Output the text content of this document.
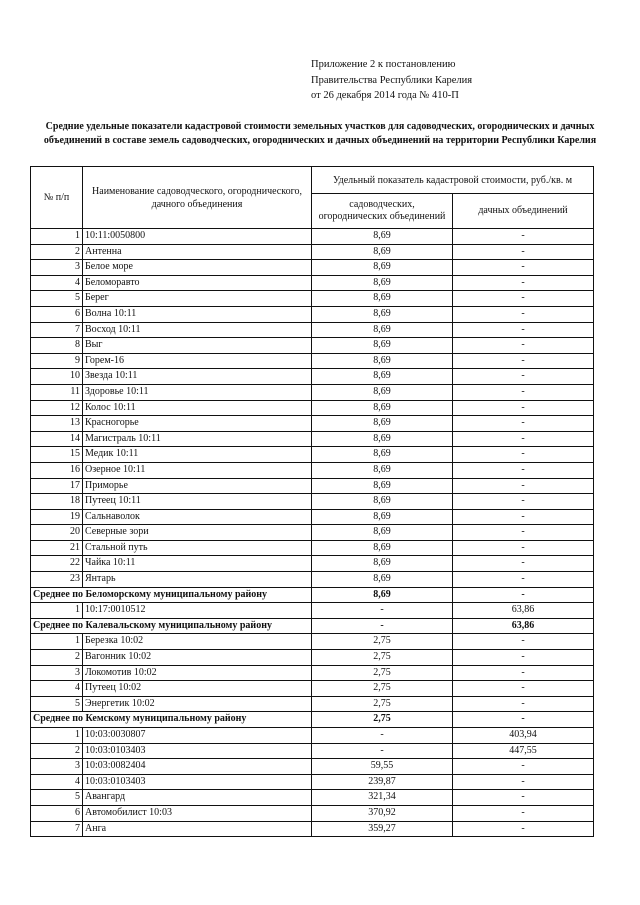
Приложение 2 к постановлению
Правительства Республики Карелия
от 26 декабря 2014 года № 410-П
Средние удельные показатели кадастровой стоимости земельных участков для садоводческих, огороднических и дачных объединений в составе земель садоводческих, огороднических и дачных объединений на территории Республики Карелия
№ п/п	Наименование садоводческого, огороднического, дачного объединения	Удельный показатель кадастровой стоимости, руб./кв. м	
		садоводческих, огороднических объединений	дачных объединений
1	10:11:0050800	8,69	-
2	Антенна	8,69	-
3	Белое море	8,69	-
4	Беломоравто	8,69	-
5	Берег	8,69	-
6	Волна 10:11	8,69	-
7	Восход 10:11	8,69	-
8	Выг	8,69	-
9	Горем-16	8,69	-
10	Звезда 10:11	8,69	-
11	Здоровье 10:11	8,69	-
12	Колос 10:11	8,69	-
13	Красногорье	8,69	-
14	Магистраль 10:11	8,69	-
15	Медик 10:11	8,69	-
16	Озерное 10:11	8,69	-
17	Приморье	8,69	-
18	Путеец 10:11	8,69	-
19	Сальнаволок	8,69	-
20	Северные зори	8,69	-
21	Стальной путь	8,69	-
22	Чайка 10:11	8,69	-
23	Янтарь	8,69	-
Среднее по Беломорскому муниципальному району		8,69	-
1	10:17:0010512	-	63,86
Среднее по Калевальскому муниципальному району		-	63,86
1	Березка 10:02	2,75	-
2	Вагонник 10:02	2,75	-
3	Локомотив 10:02	2,75	-
4	Путеец 10:02	2,75	-
5	Энергетик 10:02	2,75	-
Среднее по Кемскому муниципальному району		2,75	-
1	10:03:0030807	-	403,94
2	10:03:0103403	-	447,55
3	10:03:0082404	59,55	-
4	10:03:0103403	239,87	-
5	Авангард	321,34	-
6	Автомобилист 10:03	370,92	-
7	Анга	359,27	-
